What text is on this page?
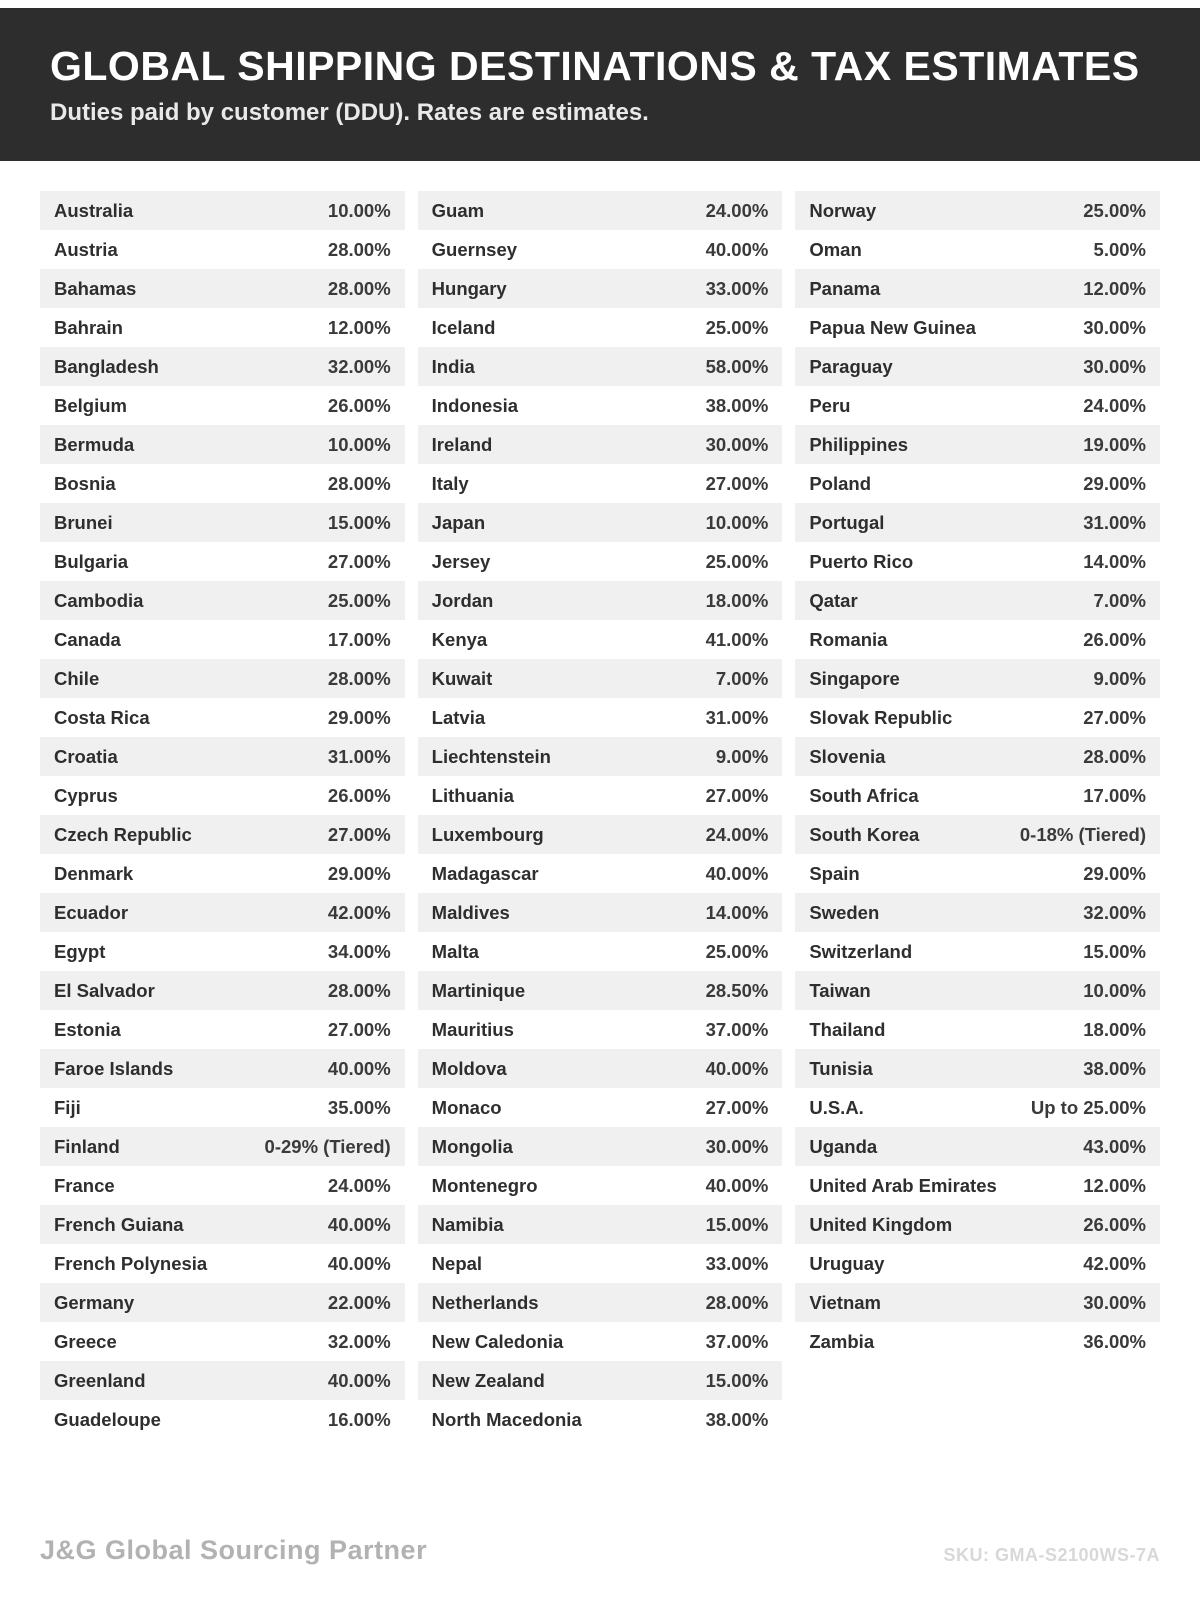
GLOBAL SHIPPING DESTINATIONS & TAX ESTIMATES

Duties paid by customer (DDU). Rates are estimates.

Australia	10.00%
Austria	28.00%
Bahamas	28.00%
Bahrain	12.00%
Bangladesh	32.00%
Belgium	26.00%
Bermuda	10.00%
Bosnia	28.00%
Brunei	15.00%
Bulgaria	27.00%
Cambodia	25.00%
Canada	17.00%
Chile	28.00%
Costa Rica	29.00%
Croatia	31.00%
Cyprus	26.00%
Czech Republic	27.00%
Denmark	29.00%
Ecuador	42.00%
Egypt	34.00%
El Salvador	28.00%
Estonia	27.00%
Faroe Islands	40.00%
Fiji	35.00%
Finland	0-29% (Tiered)
France	24.00%
French Guiana	40.00%
French Polynesia	40.00%
Germany	22.00%
Greece	32.00%
Greenland	40.00%
Guadeloupe	16.00%
Guam	24.00%
Guernsey	40.00%
Hungary	33.00%
Iceland	25.00%
India	58.00%
Indonesia	38.00%
Ireland	30.00%
Italy	27.00%
Japan	10.00%
Jersey	25.00%
Jordan	18.00%
Kenya	41.00%
Kuwait	7.00%
Latvia	31.00%
Liechtenstein	9.00%
Lithuania	27.00%
Luxembourg	24.00%
Madagascar	40.00%
Maldives	14.00%
Malta	25.00%
Martinique	28.50%
Mauritius	37.00%
Moldova	40.00%
Monaco	27.00%
Mongolia	30.00%
Montenegro	40.00%
Namibia	15.00%
Nepal	33.00%
Netherlands	28.00%
New Caledonia	37.00%
New Zealand	15.00%
North Macedonia	38.00%
Norway	25.00%
Oman	5.00%
Panama	12.00%
Papua New Guinea	30.00%
Paraguay	30.00%
Peru	24.00%
Philippines	19.00%
Poland	29.00%
Portugal	31.00%
Puerto Rico	14.00%
Qatar	7.00%
Romania	26.00%
Singapore	9.00%
Slovak Republic	27.00%
Slovenia	28.00%
South Africa	17.00%
South Korea	0-18% (Tiered)
Spain	29.00%
Sweden	32.00%
Switzerland	15.00%
Taiwan	10.00%
Thailand	18.00%
Tunisia	38.00%
U.S.A.	Up to 25.00%
Uganda	43.00%
United Arab Emirates	12.00%
United Kingdom	26.00%
Uruguay	42.00%
Vietnam	30.00%
Zambia	36.00%
J&G Global Sourcing Partner	SKU: GMA-S2100WS-7A
